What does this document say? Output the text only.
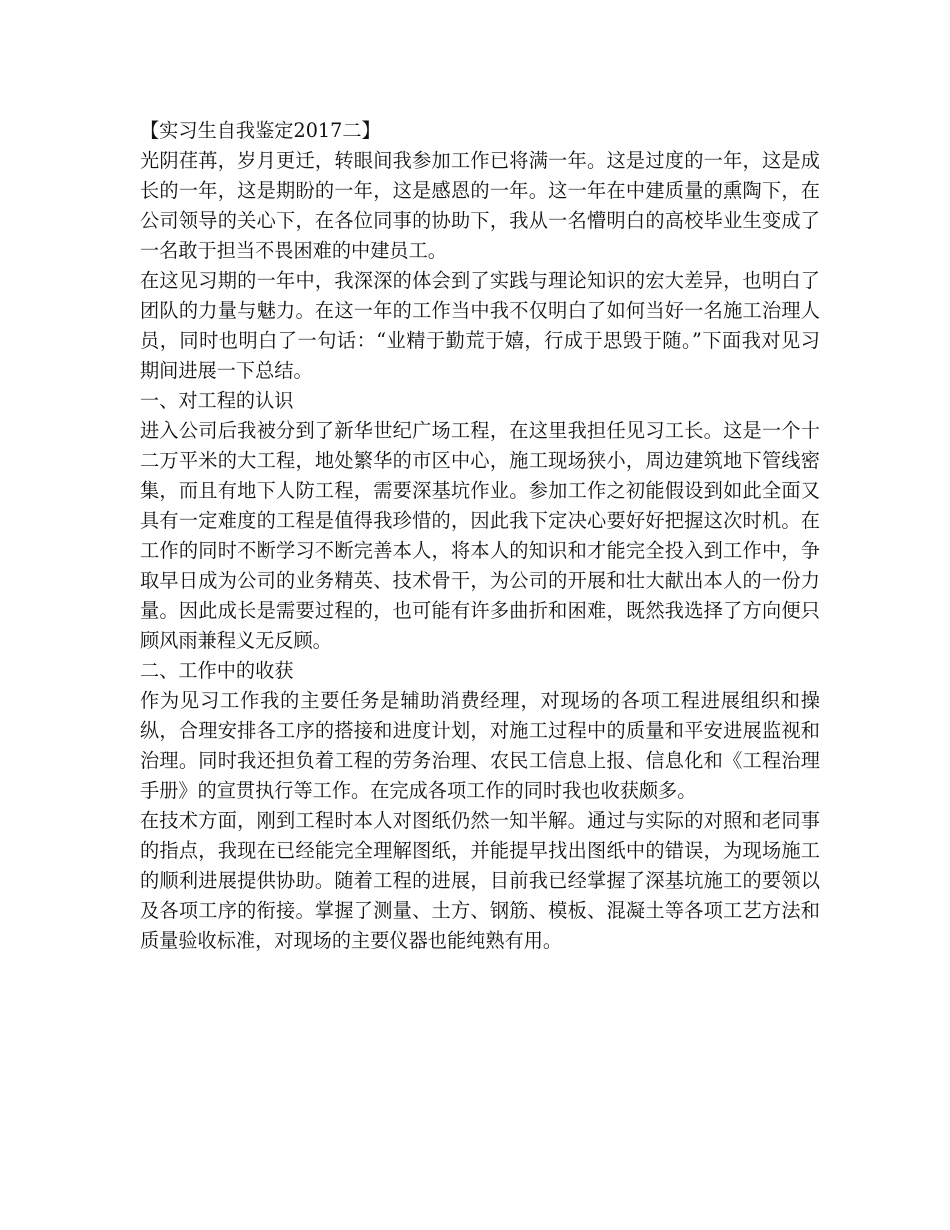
【实习生自我鉴定2017二】

光阴荏苒，岁月更迁，转眼间我参加工作已将满一年。这是过度的一年，这是成长的一年，这是期盼的一年，这是感恩的一年。这一年在中建质量的熏陶下，在公司领导的关心下，在各位同事的协助下，我从一名懵明白的高校毕业生变成了一名敢于担当不畏困难的中建员工。

在这见习期的一年中，我深深的体会到了实践与理论知识的宏大差异，也明白了团队的力量与魅力。在这一年的工作当中我不仅明白了如何当好一名施工治理人员，同时也明白了一句话：“业精于勤荒于嬉，行成于思毁于随。”下面我对见习期间进展一下总结。

一、对工程的认识

进入公司后我被分到了新华世纪广场工程，在这里我担任见习工长。这是一个十二万平米的大工程，地处繁华的市区中心，施工现场狭小，周边建筑地下管线密集，而且有地下人防工程，需要深基坑作业。参加工作之初能假设到如此全面又具有一定难度的工程是值得我珍惜的，因此我下定决心要好好把握这次时机。在工作的同时不断学习不断完善本人，将本人的知识和才能完全投入到工作中，争取早日成为公司的业务精英、技术骨干，为公司的开展和壮大献出本人的一份力量。因此成长是需要过程的，也可能有许多曲折和困难，既然我选择了方向便只顾风雨兼程义无反顾。

二、工作中的收获

作为见习工作我的主要任务是辅助消费经理，对现场的各项工程进展组织和操纵，合理安排各工序的搭接和进度计划，对施工过程中的质量和平安进展监视和治理。同时我还担负着工程的劳务治理、农民工信息上报、信息化和《工程治理手册》的宣贯执行等工作。在完成各项工作的同时我也收获颇多。

在技术方面，刚到工程时本人对图纸仍然一知半解。通过与实际的对照和老同事的指点，我现在已经能完全理解图纸，并能提早找出图纸中的错误，为现场施工的顺利进展提供协助。随着工程的进展，目前我已经掌握了深基坑施工的要领以及各项工序的衔接。掌握了测量、土方、钢筋、模板、混凝土等各项工艺方法和质量验收标准，对现场的主要仪器也能纯熟有用。
